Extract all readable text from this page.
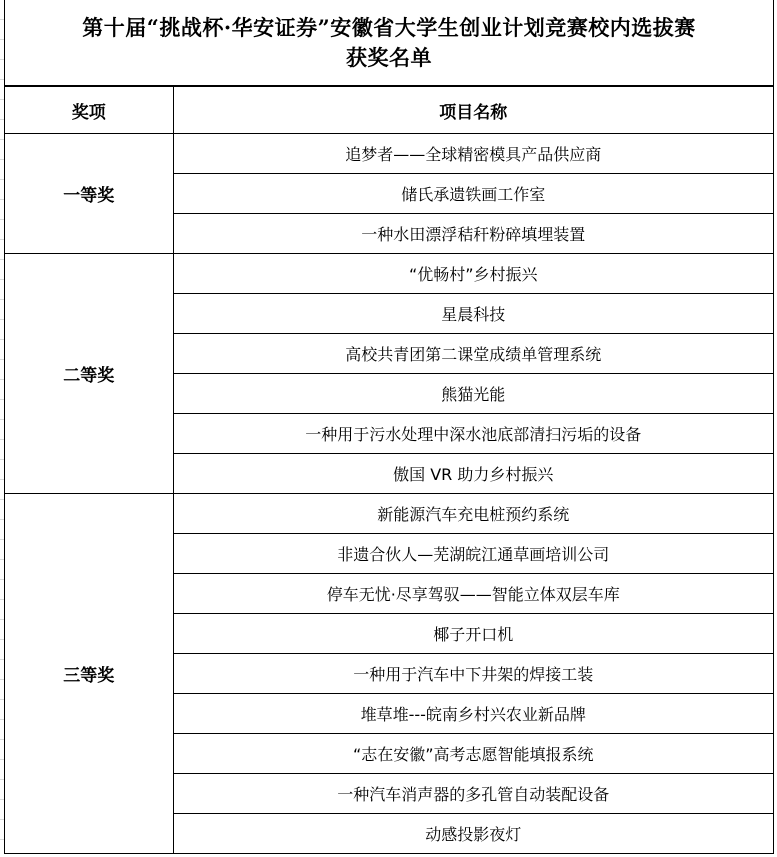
第十届“挑战杯·华安证券”安徽省大学生创业计划竞赛校内选拔赛
获奖名单
奖项	项目名称
一等奖	追梦者——全球精密模具产品供应商
	储氏承遗铁画工作室
	一种水田漂浮秸秆粉碎填埋装置
二等奖	“优畅村”乡村振兴
	星晨科技
	高校共青团第二课堂成绩单管理系统
	熊猫光能
	一种用于污水处理中深水池底部清扫污垢的设备
	傲国 VR 助力乡村振兴
三等奖	新能源汽车充电桩预约系统
	非遗合伙人—芜湖皖江通草画培训公司
	停车无忧·尽享驾驭——智能立体双层车库
	椰子开口机
	一种用于汽车中下井架的焊接工装
	堆草堆---皖南乡村兴农业新品牌
	“志在安徽”高考志愿智能填报系统
	一种汽车消声器的多孔管自动装配设备
	动感投影夜灯
